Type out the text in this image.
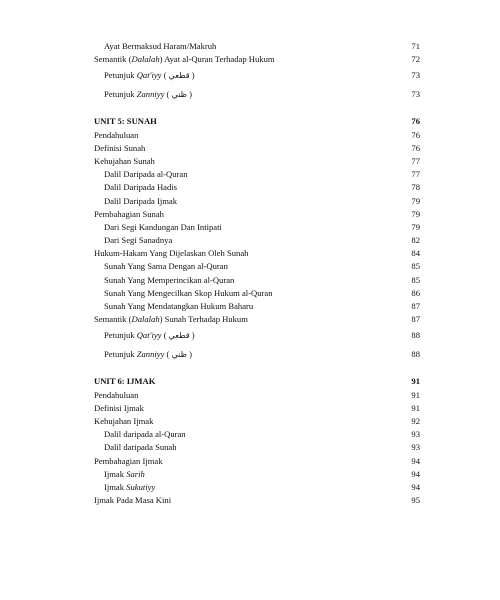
Ayat Bermaksud Haram/Makruh	71
Semantik (Dalalah) Ayat al-Quran Terhadap Hukum	72
Petunjuk Qat'iyy ( قطعي )	73
Petunjuk Zanniyy ( ظني )	73
UNIT 5: SUNAH	76
Pendahuluan	76
Definisi Sunah	76
Kehujahan Sunah	77
Dalil Daripada al-Quran	77
Dalil Daripada Hadis	78
Dalil Daripada Ijmak	79
Pembahagian Sunah	79
Dari Segi Kandungan Dan Intipati	79
Dari Segi Sanadnya	82
Hukum-Hakam Yang Dijelaskan Oleh Sunah	84
Sunah Yang Sama Dengan al-Quran	85
Sunah Yang Memperincikan al-Quran	85
Sunah Yang Mengecilkan Skop Hukum al-Quran	86
Sunah Yang Mendatangkan Hukum Baharu	87
Semantik (Dalalah) Sunah Terhadap Hukum	87
Petunjuk Qat'iyy ( قطعي )	88
Petunjuk Zanniyy ( ظني )	88
UNIT 6: IJMAK	91
Pendahuluan	91
Definisi Ijmak	91
Kehujahan Ijmak	92
Dalil daripada al-Quran	93
Dalil daripada Sunah	93
Pembahagian Ijmak	94
Ijmak Sarih	94
Ijmak Sukutiyy	94
Ijmak Pada Masa Kini	95
